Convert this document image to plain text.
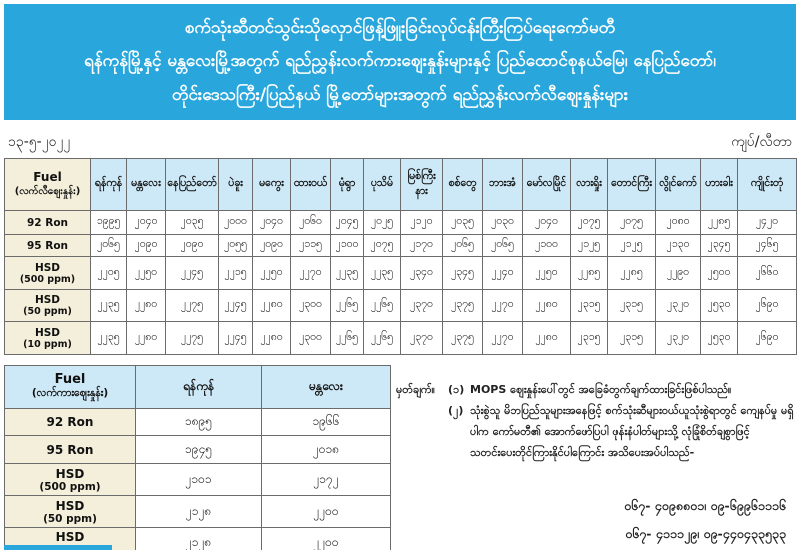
စက်သုံးဆီတင်သွင်းသိုလှောင်ဖြန့်ဖြူးခြင်းလုပ်ငန်းကြီးကြပ်ရေးကော်မတီ
ရန်ကုန်မြို့နှင့် မန္တလေးမြို့အတွက် ရည်ညွှန်းလက်ကားဈေးနှုန်းများနှင့် ပြည်ထောင်စုနယ်မြေ၊ နေပြည်တော်၊
တိုင်းဒေသကြီး/ပြည်နယ် မြို့တော်များအတွက် ရည်ညွှန်းလက်လီဈေးနှုန်းများ
၁၃-၅-၂၀၂၂	ကျပ်/လီတာ
Fuel
(လက်လီဈေးနှုန်း)	ရန်ကုန်	မန္တလေး	နေပြည်တော်	ပဲခူး	မကွေး	ထားဝယ်	မုံရွာ	ပုသိမ်	မြစ်ကြီးနား	စစ်တွေ	ဘားအံ	မော်လမြိုင်	လားရှိုး	တောင်ကြီး	လွိုင်ကော်	ဟားခါး	ကျိုင်းတုံ
92 Ron	၁၉၉၅	၂၀၄၀	၂၀၃၅	၂၀၀၀	၂၀၄၀	၂၀၆၀	၂၀၄၅	၂၀၂၅	၂၁၂၀	၂၀၃၅	၂၀၃၀	၂၀၄၀	၂၀၇၅	၂၀၇၅	၂၀၈၀	၂၂၈၅	၂၄၂၀
95 Ron	၂၀၆၅	၂၀၉၀	၂၀၉၀	၂၀၅၅	၂၀၉၀	၂၁၁၅	၂၁၀၀	၂၀၇၅	၂၁၇၀	၂၀၆၅	၂၀၆၅	၂၁၀၀	၂၁၂၅	၂၁၂၅	၂၁၃၀	၂၃၄၅	၂၄၆၅
HSD
(500 ppm)	၂၂၀၅	၂၂၅၀	၂၂၄၅	၂၂၁၅	၂၂၅၀	၂၂၇၀	၂၂၃၅	၂၂၃၅	၂၃၄၀	၂၃၄၅	၂၂၄၀	၂၂၅၀	၂၂၈၅	၂၂၈၅	၂၂၉၀	၂၅၀၀	၂၆၆၀
HSD
(50 ppm)	၂၂၃၅	၂၂၈၀	၂၂၇၅	၂၂၄၅	၂၂၈၀	၂၃၀၀	၂၂၆၅	၂၂၆၅	၂၃၇၀	၂၃၇၅	၂၂၇၀	၂၂၈၀	၂၃၁၅	၂၃၁၅	၂၃၂၀	၂၅၃၀	၂၆၉၀
HSD
(10 ppm)	၂၂၃၅	၂၂၈၀	၂၂၇၅	၂၂၄၅	၂၂၈၀	၂၃၀၀	၂၂၆၅	၂၂၆၅	၂၃၇၀	၂၃၇၅	၂၂၇၀	၂၂၈၀	၂၃၁၅	၂၃၁၅	၂၃၂၀	၂၅၃၀	၂၆၉၀
Fuel
(လက်ကားဈေးနှုန်း)	ရန်ကုန်	မန္တလေး
92 Ron	၁၈၉၅	၁၉၆၆
95 Ron	၁၉၄၅	၂၀၁၈
HSD
(500 ppm)	၂၁၀၁	၂၁၇၂
HSD
(50 ppm)	၂၁၂၈	၂၂၀၀
HSD	၂၁၂၈	၂၂၀၀
မှတ်ချက်။	(၁) MOPS ဈေးနှုန်းပေါ်တွင် အခြေခံတွက်ချက်ထားခြင်းဖြစ်ပါသည်။
(၂) သုံးစွဲသူ မိဘပြည်သူများအနေဖြင့် စက်သုံးဆီများဝယ်ယူသုံးစွဲရာတွင် ကျေနပ်မှု မရှိပါက ကော်မတီ၏ အောက်ဖော်ပြပါ ဖုန်းနံပါတ်များသို့ လုံခြုံစိတ်ချစွာဖြင့် သတင်းပေးတိုင်ကြားနိုင်ပါကြောင်း အသိပေးအပ်ပါသည်-
၀၆၇- ၄၀၉၈၈၀၁၊ ၀၉-၆၉၉၆၁၁၁၆
၀၆၇- ၄၁၁၁၂၉၊ ၀၉-၄၄၀၄၃၃၅၃၃
